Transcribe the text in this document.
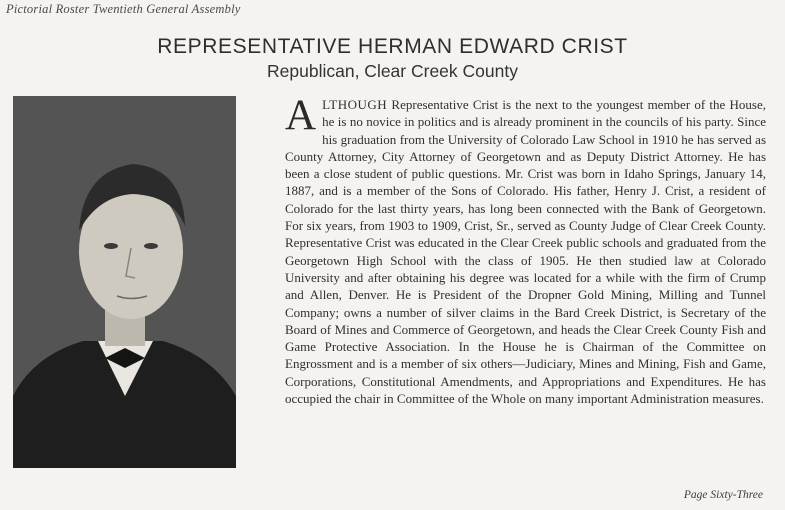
Pictorial Roster Twentieth General Assembly
REPRESENTATIVE HERMAN EDWARD CRIST
Republican, Clear Creek County
ALTHOUGH Representative Crist is the next to the youngest member of the House, he is no novice in politics and is already prominent in the councils of his party. Since his graduation from the University of Colorado Law School in 1910 he has served as County Attorney, City Attorney of Georgetown and as Deputy District Attorney. He has been a close student of public questions. Mr. Crist was born in Idaho Springs, January 14, 1887, and is a member of the Sons of Colorado. His father, Henry J. Crist, a resident of Colorado for the last thirty years, has long been connected with the Bank of Georgetown. For six years, from 1903 to 1909, Crist, Sr., served as County Judge of Clear Creek County. Representative Crist was educated in the Clear Creek public schools and graduated from the Georgetown High School with the class of 1905. He then studied law at Colorado University and after obtaining his degree was located for a while with the firm of Crump and Allen, Denver. He is President of the Dropner Gold Mining, Milling and Tunnel Company; owns a number of silver claims in the Bard Creek District, is Secretary of the Board of Mines and Commerce of Georgetown, and heads the Clear Creek County Fish and Game Protective Association. In the House he is Chairman of the Committee on Engrossment and is a member of six others—Judiciary, Mines and Mining, Fish and Game, Corporations, Constitutional Amendments, and Appropriations and Expenditures. He has occupied the chair in Committee of the Whole on many important Administration measures.
Page Sixty-Three
